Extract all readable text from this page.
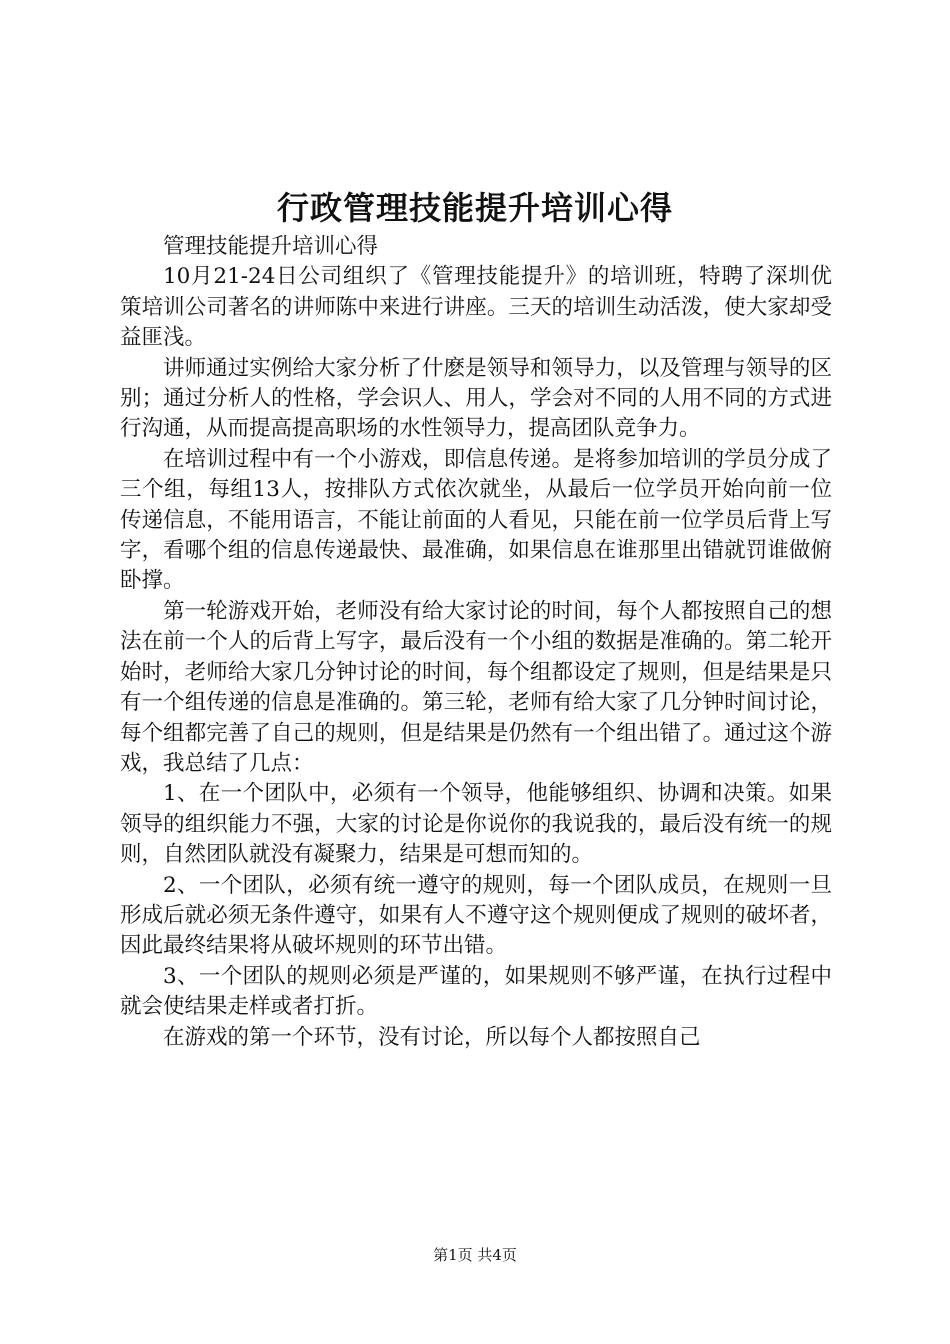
行政管理技能提升培训心得

管理技能提升培训心得

10月21-24日公司组织了《管理技能提升》的培训班，特聘了深圳优策培训公司著名的讲师陈中来进行讲座。三天的培训生动活泼，使大家却受益匪浅。

讲师通过实例给大家分析了什麽是领导和领导力，以及管理与领导的区别；通过分析人的性格，学会识人、用人，学会对不同的人用不同的方式进行沟通，从而提高提高职场的水性领导力，提高团队竞争力。

在培训过程中有一个小游戏，即信息传递。是将参加培训的学员分成了三个组，每组13人，按排队方式依次就坐，从最后一位学员开始向前一位传递信息，不能用语言，不能让前面的人看见，只能在前一位学员后背上写字，看哪个组的信息传递最快、最准确，如果信息在谁那里出错就罚谁做俯卧撑。

第一轮游戏开始，老师没有给大家讨论的时间，每个人都按照自己的想法在前一个人的后背上写字，最后没有一个小组的数据是准确的。第二轮开始时，老师给大家几分钟讨论的时间，每个组都设定了规则，但是结果是只有一个组传递的信息是准确的。第三轮，老师有给大家了几分钟时间讨论，每个组都完善了自己的规则，但是结果是仍然有一个组出错了。通过这个游戏，我总结了几点：

1、在一个团队中，必须有一个领导，他能够组织、协调和决策。如果领导的组织能力不强，大家的讨论是你说你的我说我的，最后没有统一的规则，自然团队就没有凝聚力，结果是可想而知的。

2、一个团队，必须有统一遵守的规则，每一个团队成员，在规则一旦形成后就必须无条件遵守，如果有人不遵守这个规则便成了规则的破坏者，因此最终结果将从破坏规则的环节出错。

3、一个团队的规则必须是严谨的，如果规则不够严谨，在执行过程中就会使结果走样或者打折。

在游戏的第一个环节，没有讨论，所以每个人都按照自己

第1页 共4页
